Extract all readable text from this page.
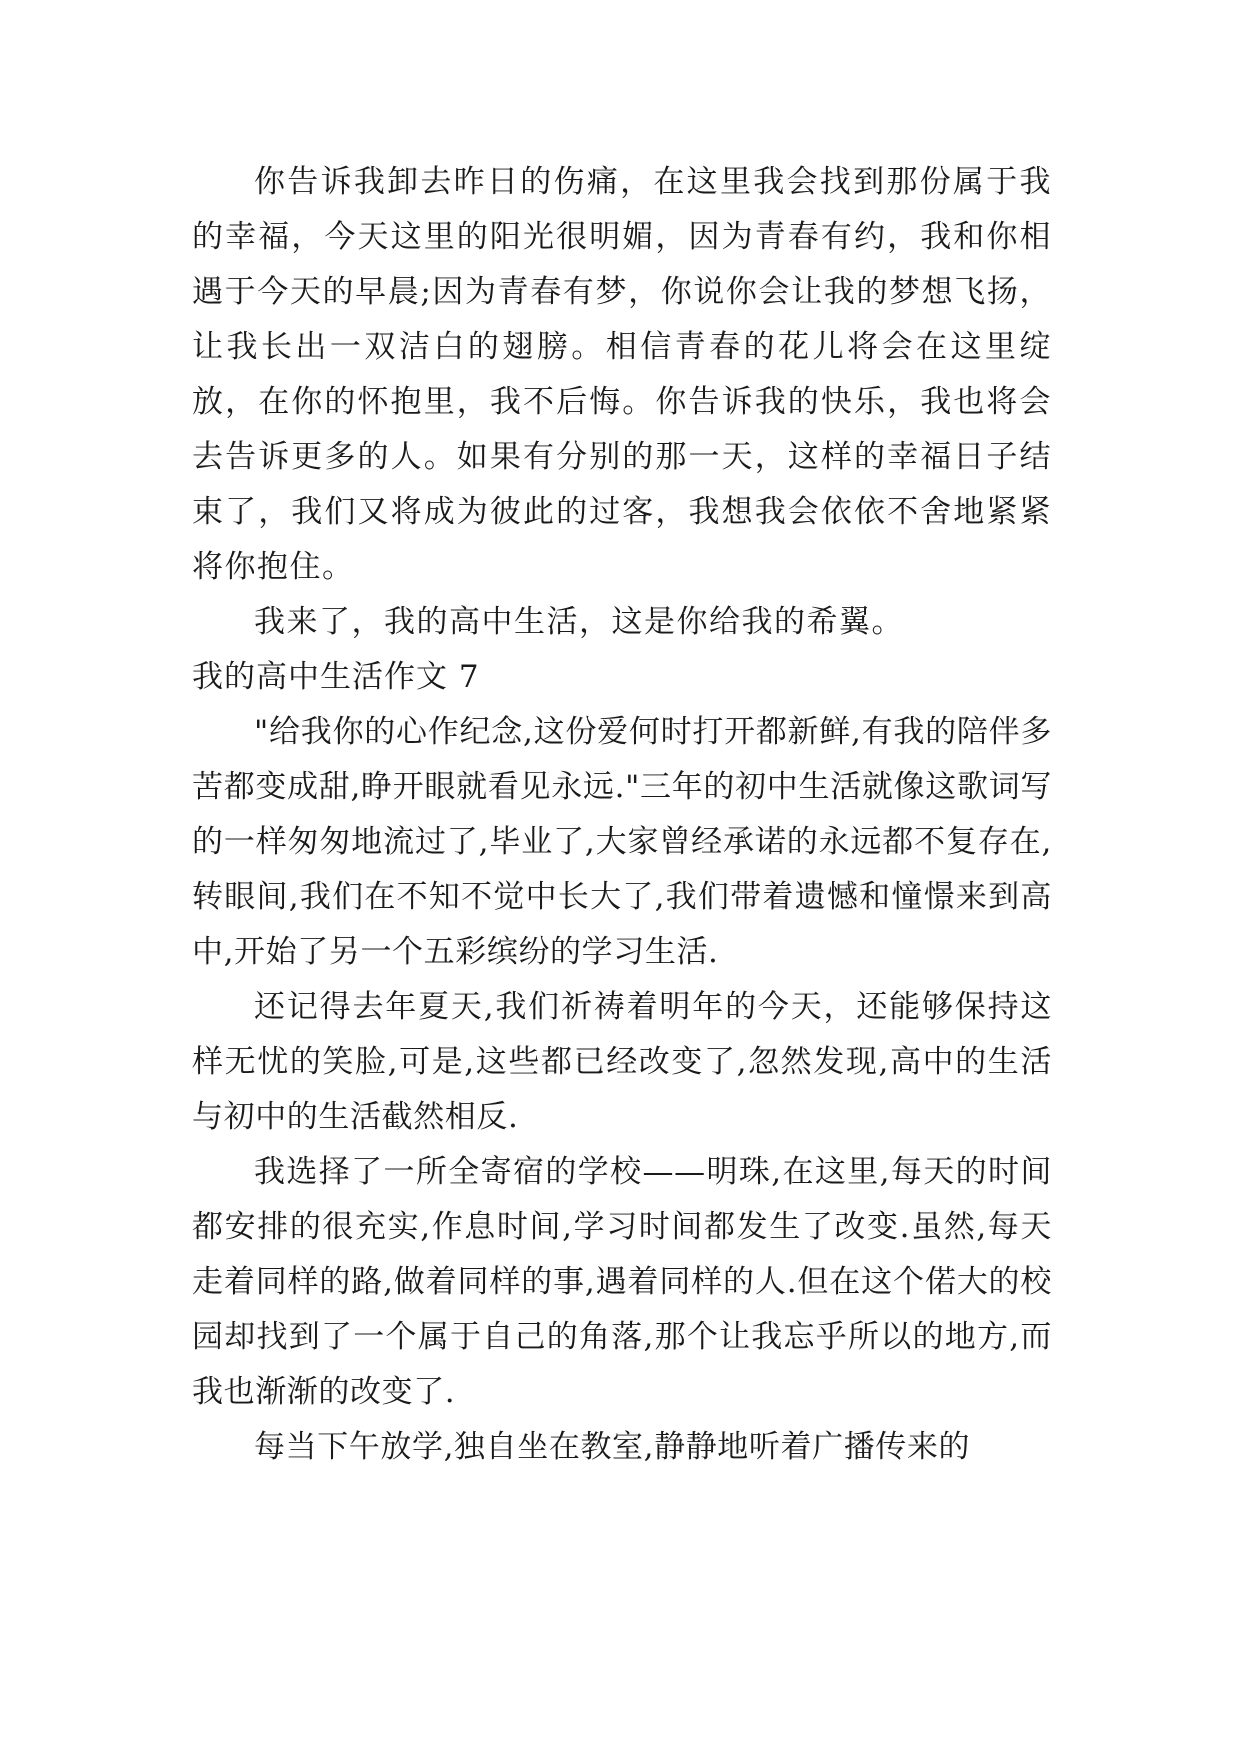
你告诉我卸去昨日的伤痛，在这里我会找到那份属于我的幸福，今天这里的阳光很明媚，因为青春有约，我和你相遇于今天的早晨;因为青春有梦，你说你会让我的梦想飞扬，让我长出一双洁白的翅膀。相信青春的花儿将会在这里绽放，在你的怀抱里，我不后悔。你告诉我的快乐，我也将会去告诉更多的人。如果有分别的那一天，这样的幸福日子结束了，我们又将成为彼此的过客，我想我会依依不舍地紧紧将你抱住。

我来了，我的高中生活，这是你给我的希翼。

我的高中生活作文 7

"给我你的心作纪念,这份爱何时打开都新鲜,有我的陪伴多苦都变成甜,睁开眼就看见永远."三年的初中生活就像这歌词写的一样匆匆地流过了,毕业了,大家曾经承诺的永远都不复存在,转眼间,我们在不知不觉中长大了,我们带着遗憾和憧憬来到高中,开始了另一个五彩缤纷的学习生活.

还记得去年夏天,我们祈祷着明年的今天，还能够保持这样无忧的笑脸,可是,这些都已经改变了,忽然发现,高中的生活与初中的生活截然相反.

我选择了一所全寄宿的学校——明珠,在这里,每天的时间都安排的很充实,作息时间,学习时间都发生了改变.虽然,每天走着同样的路,做着同样的事,遇着同样的人.但在这个偌大的校园却找到了一个属于自己的角落,那个让我忘乎所以的地方,而我也渐渐的改变了.

每当下午放学,独自坐在教室,静静地听着广播传来的
